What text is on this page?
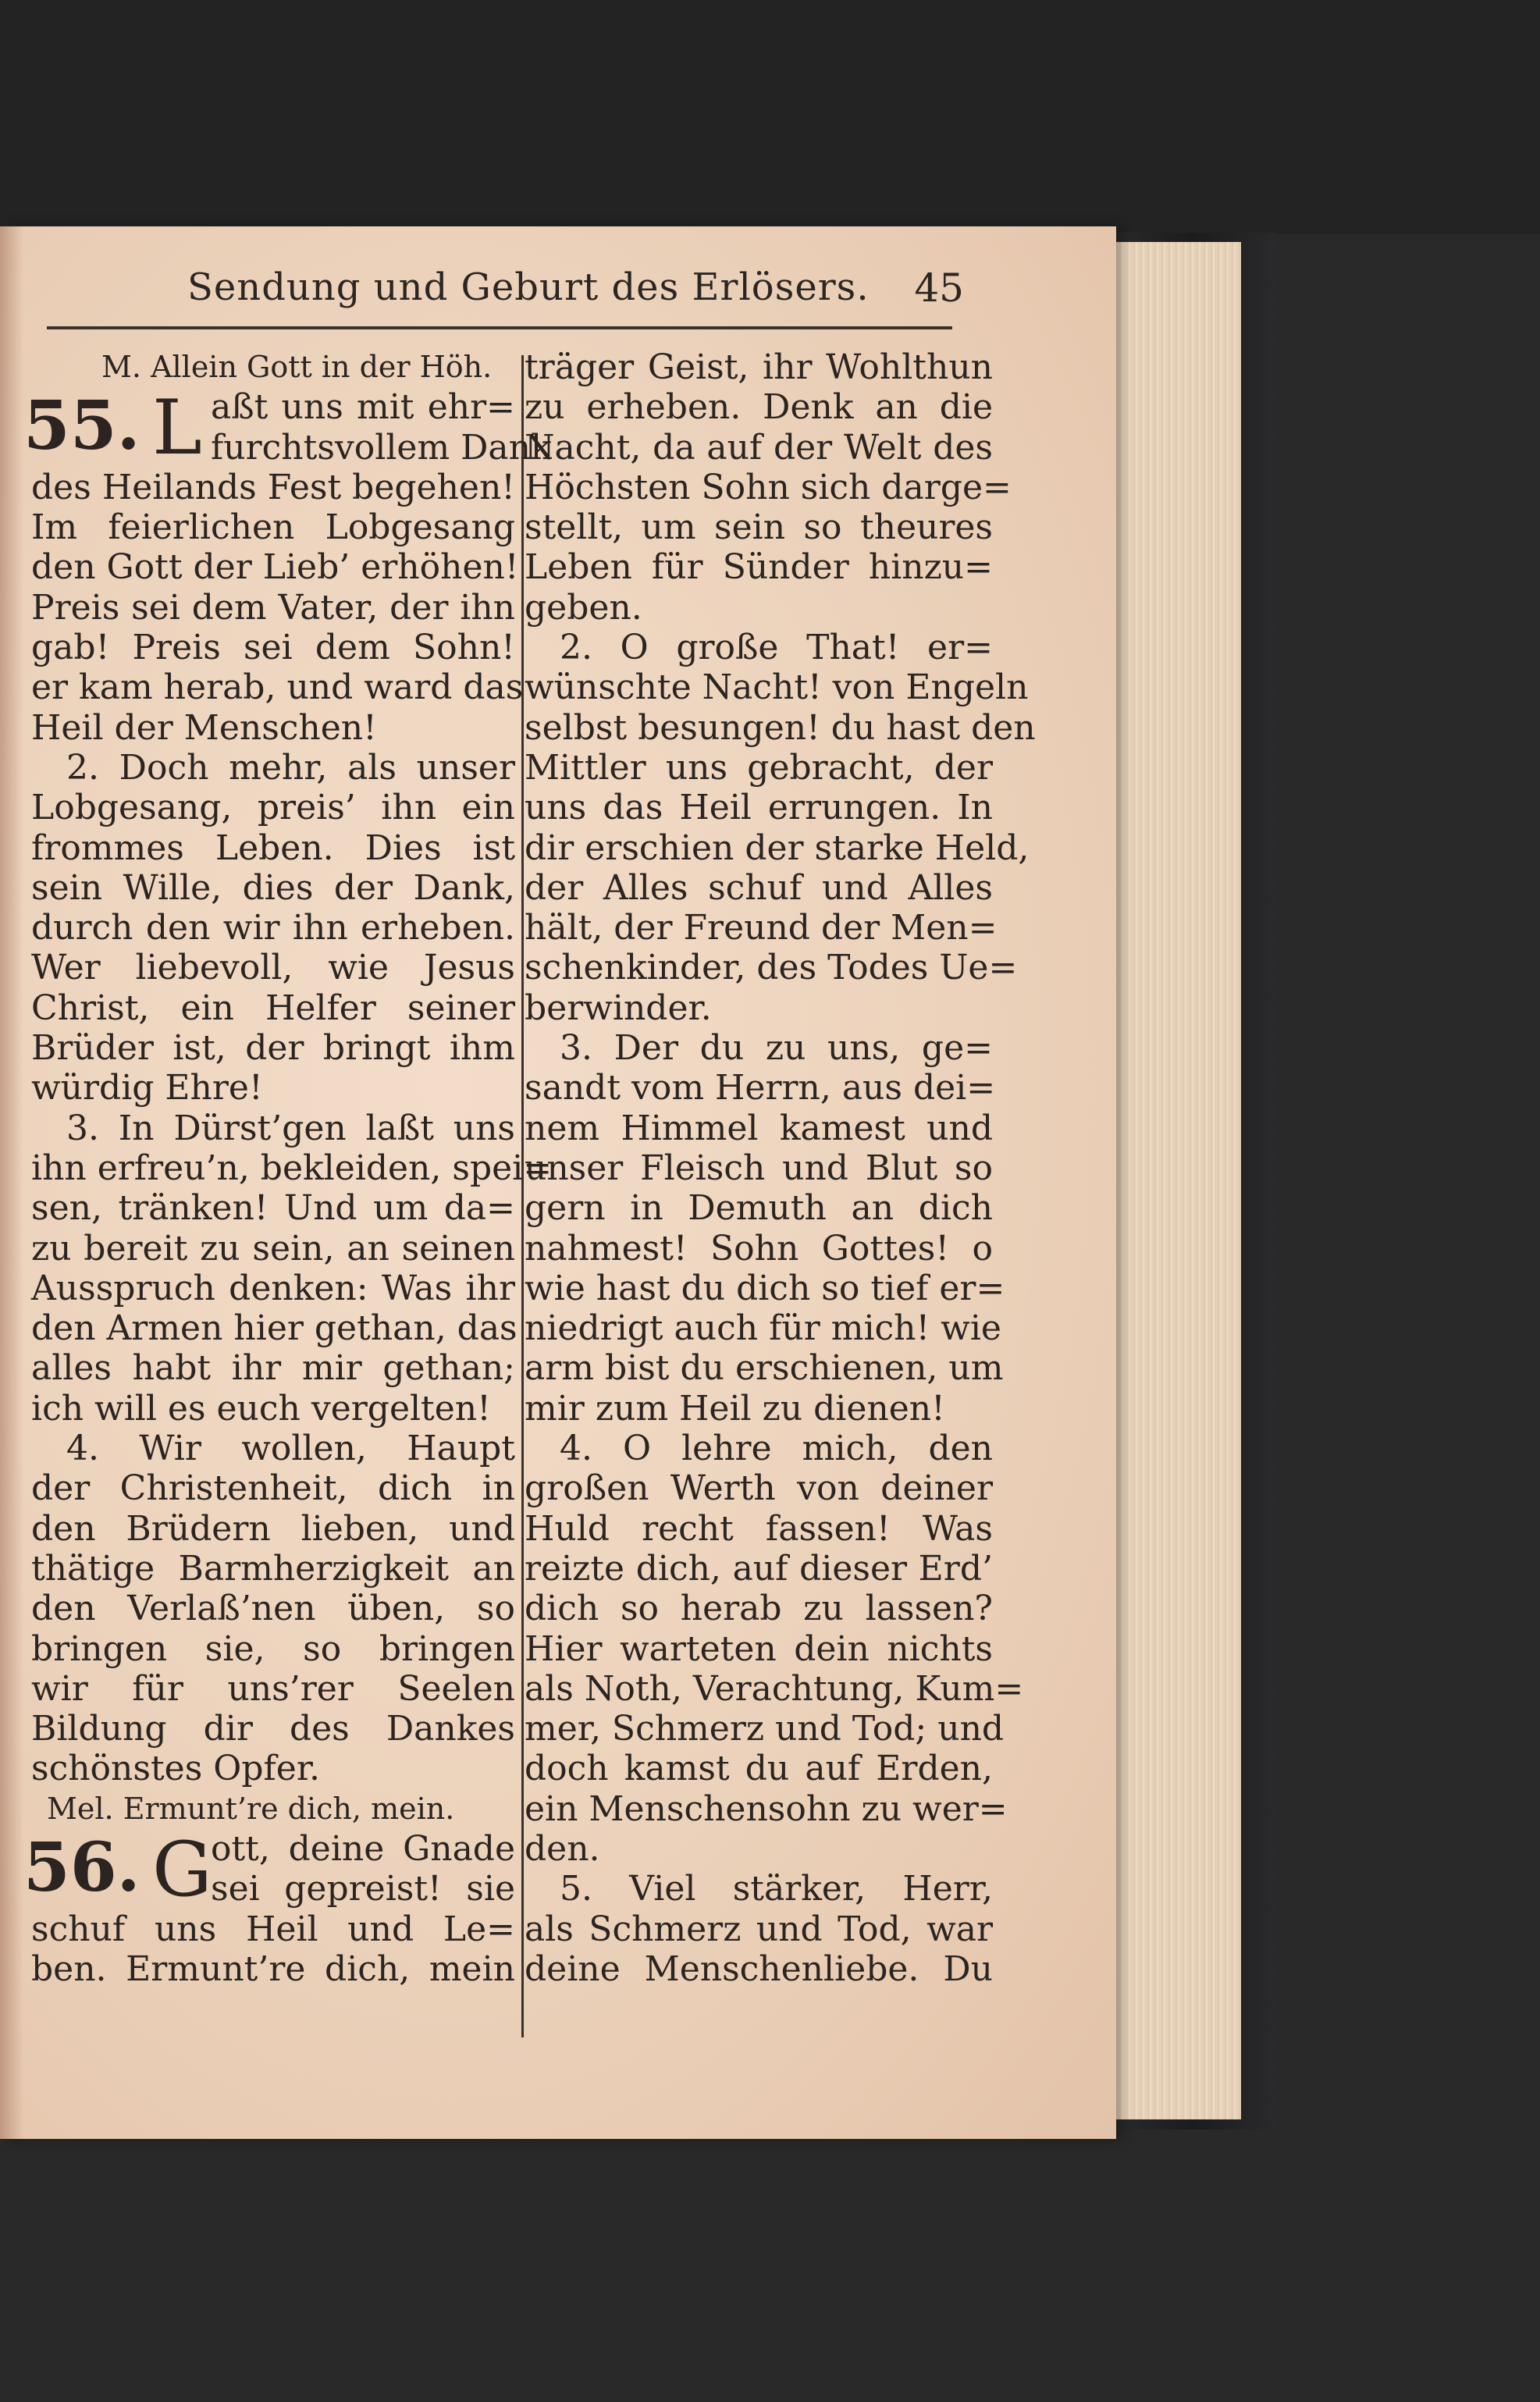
Sendung und Geburt des Erlösers. 45
M. Allein Gott in der Höh.
55. L aßt uns mit ehr=
furchtsvollem Dank
des Heilands Fest begehen!
Im feierlichen Lobgesang
den Gott der Lieb’ erhöhen!
Preis sei dem Vater, der ihn
gab! Preis sei dem Sohn!
er kam herab, und ward das
Heil der Menschen!
2. Doch mehr, als unser
Lobgesang, preis’ ihn ein
frommes Leben. Dies ist
sein Wille, dies der Dank,
durch den wir ihn erheben.
Wer liebevoll, wie Jesus
Christ, ein Helfer seiner
Brüder ist, der bringt ihm
würdig Ehre!
3. In Dürst’gen laßt uns
ihn erfreu’n, bekleiden, spei=
sen, tränken! Und um da=
zu bereit zu sein, an seinen
Ausspruch denken: Was ihr
den Armen hier gethan, das
alles habt ihr mir gethan;
ich will es euch vergelten!
4. Wir wollen, Haupt
der Christenheit, dich in
den Brüdern lieben, und
thätige Barmherzigkeit an
den Verlaß’nen üben, so
bringen sie, so bringen
wir für uns’rer Seelen
Bildung dir des Dankes
schönstes Opfer.
Mel. Ermunt’re dich, mein.
56. G
ott, deine Gnade
sei gepreist! sie
schuf uns Heil und Le=
ben. Ermunt’re dich, mein
träger Geist, ihr Wohlthun
zu erheben. Denk an die
Nacht, da auf der Welt des
Höchsten Sohn sich darge=
stellt, um sein so theures
Leben für Sünder hinzu=
geben.
2. O große That! er=
wünschte Nacht! von Engeln
selbst besungen! du hast den
Mittler uns gebracht, der
uns das Heil errungen. In
dir erschien der starke Held,
der Alles schuf und Alles
hält, der Freund der Men=
schenkinder, des Todes Ue=
berwinder.
3. Der du zu uns, ge=
sandt vom Herrn, aus dei=
nem Himmel kamest und
unser Fleisch und Blut so
gern in Demuth an dich
nahmest! Sohn Gottes! o
wie hast du dich so tief er=
niedrigt auch für mich! wie
arm bist du erschienen, um
mir zum Heil zu dienen!
4. O lehre mich, den
großen Werth von deiner
Huld recht fassen! Was
reizte dich, auf dieser Erd’
dich so herab zu lassen?
Hier warteten dein nichts
als Noth, Verachtung, Kum=
mer, Schmerz und Tod; und
doch kamst du auf Erden,
ein Menschensohn zu wer=
den.
5. Viel stärker, Herr,
als Schmerz und Tod, war
deine Menschenliebe. Du
